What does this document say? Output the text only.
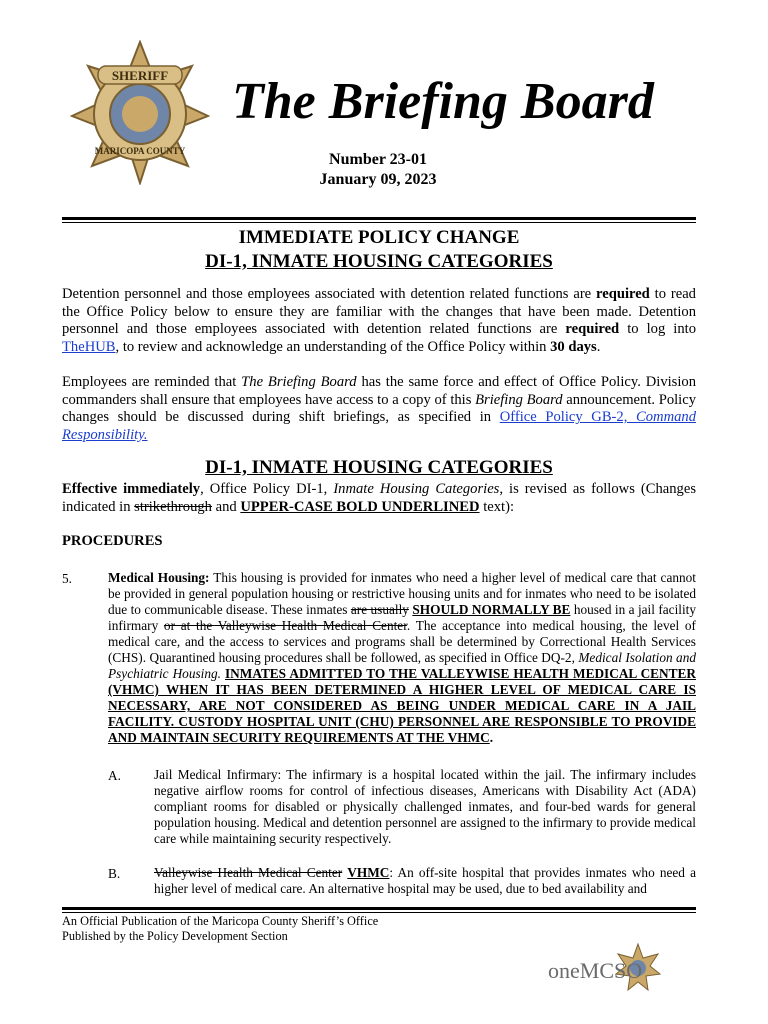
SHERIFF
MARICOPA COUNTY
The Briefing Board
Number 23-01
January 09, 2023
IMMEDIATE POLICY CHANGE
DI-1, INMATE HOUSING CATEGORIES

Detention personnel and those employees associated with detention related functions are required to read the Office Policy below to ensure they are familiar with the changes that have been made. Detention personnel and those employees associated with detention related functions are required to log into TheHUB, to review and acknowledge an understanding of the Office Policy within 30 days.

Employees are reminded that The Briefing Board has the same force and effect of Office Policy. Division commanders shall ensure that employees have access to a copy of this Briefing Board announcement. Policy changes should be discussed during shift briefings, as specified in Office Policy GB-2, Command Responsibility.

DI-1, INMATE HOUSING CATEGORIES

Effective immediately, Office Policy DI-1, Inmate Housing Categories, is revised as follows (Changes indicated in strikethrough and UPPER-CASE BOLD UNDERLINED text):

PROCEDURES
5.	Medical Housing: This housing is provided for inmates who need a higher level of medical care that cannot be provided in general population housing or restrictive housing units and for inmates who need to be isolated due to communicable disease. These inmates are usually SHOULD NORMALLY BE housed in a jail facility infirmary or at the Valleywise Health Medical Center. The acceptance into medical housing, the level of medical care, and the access to services and programs shall be determined by Correctional Health Services (CHS). Quarantined housing procedures shall be followed, as specified in Office DQ-2, Medical Isolation and Psychiatric Housing. INMATES ADMITTED TO THE VALLEYWISE HEALTH MEDICAL CENTER (VHMC) WHEN IT HAS BEEN DETERMINED A HIGHER LEVEL OF MEDICAL CARE IS NECESSARY, ARE NOT CONSIDERED AS BEING UNDER MEDICAL CARE IN A JAIL FACILITY. CUSTODY HOSPITAL UNIT (CHU) PERSONNEL ARE RESPONSIBLE TO PROVIDE AND MAINTAIN SECURITY REQUIREMENTS AT THE VHMC.
A. Jail Medical Infirmary: The infirmary is a hospital located within the jail. The infirmary includes negative airflow rooms for control of infectious diseases, Americans with Disability Act (ADA) compliant rooms for disabled or physically challenged inmates, and four-bed wards for general population housing. Medical and detention personnel are assigned to the infirmary to provide medical care while maintaining security respectively.
B.	Valleywise Health Medical Center VHMC: An off-site hospital that provides inmates who need a higher level of medical care. An alternative hospital may be used, due to bed availability and
An Official Publication of the Maricopa County Sheriff’s Office
Published by the Policy Development Section
oneMCSO
